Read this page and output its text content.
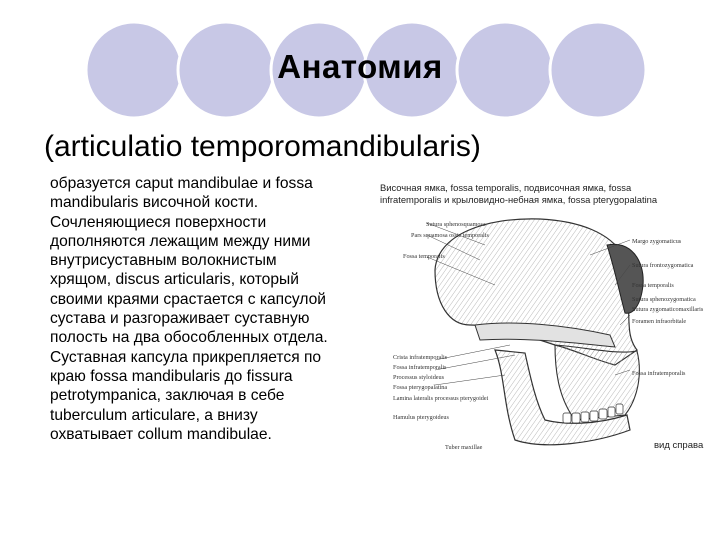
Анатомия
(articulatio temporomandibularis)
образуется caput mandibulae и fossa
mandibularis височной кости.
Сочленяющиеся поверхности
дополняются лежащим между ними
внутрисуставным волокнистым
хрящом, discus articularis, который
своими краями срастается с капсулой
сустава и разгораживает суставную
полость на два обособленных отдела.
Суставная капсула прикрепляется по
краю fossa mandibularis до fissura
petrotympanica, заключая в себе
tuberculum articulare, а внизу
охватывает collum mandibulae.
Височная ямка, fossa temporalis, подвисочная ямка, fossa
infratemporalis и крыловидно-небная ямка, fossa pterygopalatina
Sutura sphenosquamosa
Pars squamosa ossis temporalis
Fossa temporalis
Crista infratemporalis
Fossa infratemporalis
Processus styloideus
Fossa pterygopalatina
Lamina lateralis processus pterygoidei
Hamulus pterygoideus
Tuber maxillae
Margo zygomaticus
Sutura frontozygomatica
Fossa temporalis
Sutura sphenozygomatica
Sutura zygomaticomaxillaris
Foramen infraorbitale
Fossa infratemporalis
вид справа
